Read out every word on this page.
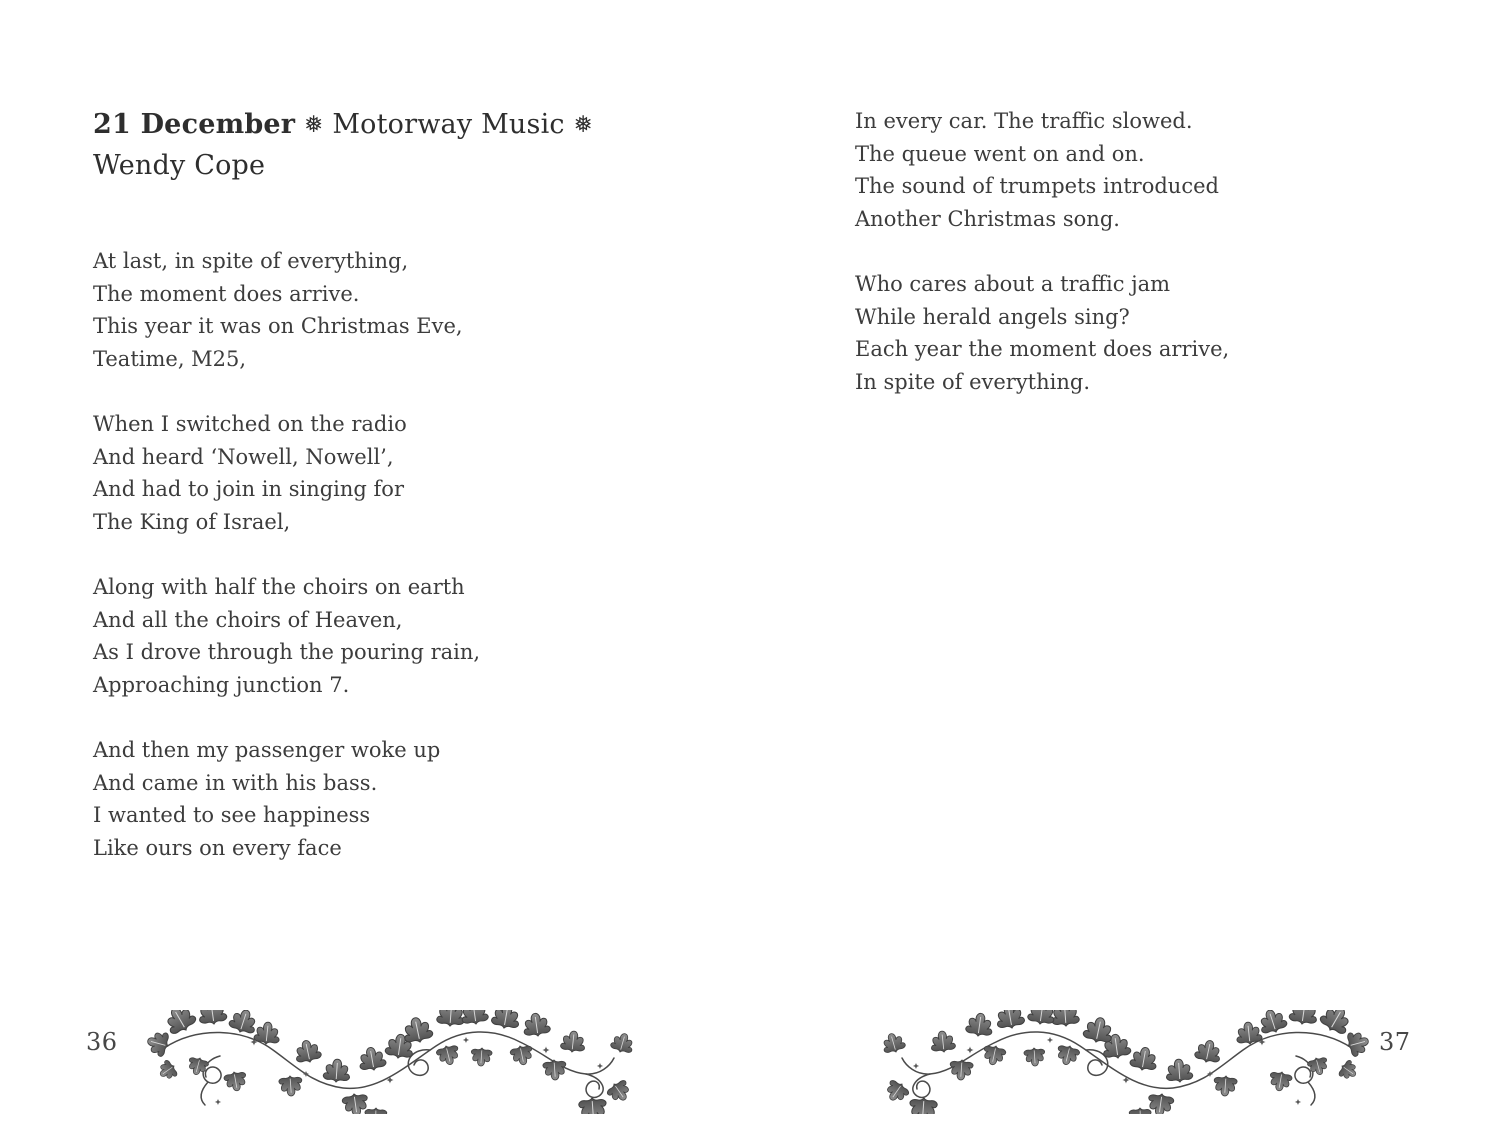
21 December ❅ Motorway Music ❅
Wendy Cope
At last, in spite of everything,
The moment does arrive.
This year it was on Christmas Eve,
Teatime, M25,
When I switched on the radio
And heard ‘Nowell, Nowell’,
And had to join in singing for
The King of Israel,
Along with half the choirs on earth
And all the choirs of Heaven,
As I drove through the pouring rain,
Approaching junction 7.
And then my passenger woke up
And came in with his bass.
I wanted to see happiness
Like ours on every face
In every car. The traffic slowed.
The queue went on and on.
The sound of trumpets introduced
Another Christmas song.
Who cares about a traffic jam
While herald angels sing?
Each year the moment does arrive,
In spite of everything.
36	37
